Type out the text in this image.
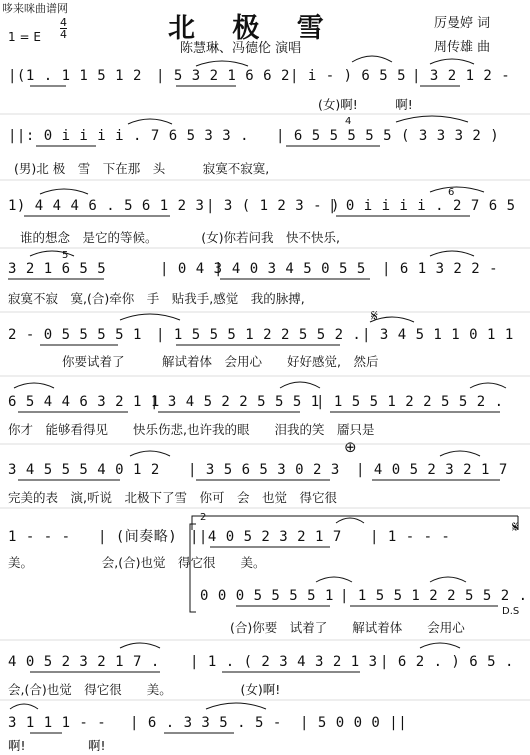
哆来咪曲谱网
北 极 雪
1 = E
4
4
陈慧琳、冯德伦 演唱
厉曼婷 词
周传雄 曲
|(1 . 1 1 5 1 2 | 5 3 2 1 6 6 2 | i - ) 6 5 5 | 3 2 1 2 -
(女)啊!　　　啊!
||: 0 i i i i . 7 6 5 3 3 . | 6 5 5 5 5 5 ( 3 3 3 2 )
4
(男)北 极　雪　下在那　头　　　寂寞不寂寞,
1) 4 4 4 6 . 5 6 1 2 3 | 3 ( 1 2 3 - )
| 0 i i i i . 2 7 6 5
6
谁的想念　是它的等候。　　　　(女)你若问我　快不快乐,
3 2 1 6 5 5
5
| 0 4 3
| 4 0 3 4 5 0 5 5 | 6 1 3 2 2 -
寂寞不寂　寞,(合)牵你　手　贴我手,感觉　我的脉搏,
2 - 0 5 5 5 5 1 | 1 5 5 5 1 2 2 5 5 2 . | 3 4 5 1 1 0 1 1
𝄋
你要试着了　　　解试着体　会用心　　好好感觉,　然后
6 5 4 4 6 3 2 1 1
| 3 4 5 2 2 5 5 5 1
| 1 5 5 1 2 2 5 5 2 .
你才　能够看得见　　快乐伤悲,也许我的眼　　泪我的笑　靥只是
⊕
3 4 5 5 5 4 0 1 2 | 3 5 6 5 3 0 2 3 | 4 0 5 2 3 2 1 7
完美的表　演,听说　北极下了雪　你可　会　也觉　得它很
2
1 - - - | (间奏略) ||4 0 5 2 3 2 1 7 | 1 - - -
𝄋
美。　　　　　　会,(合)也觉　得它很　　美。
0 0 0 5 5 5 5 1 | 1 5 5 1 2 2 5 5 2 .
D.S
(合)你要　试着了　　解试着体　　会用心
4 0 5 2 3 2 1 7 . | 1 . ( 2 3 4 3 2 1 3 | 6 2 . ) 6 5 .
会,(合)也觉　得它很　　美。　　　　　　(女)啊!
3 1 1 1 - - | 6 . 3 3 5 . 5 - | 5 0 0 0 ||
啊!　　　　　啊!
